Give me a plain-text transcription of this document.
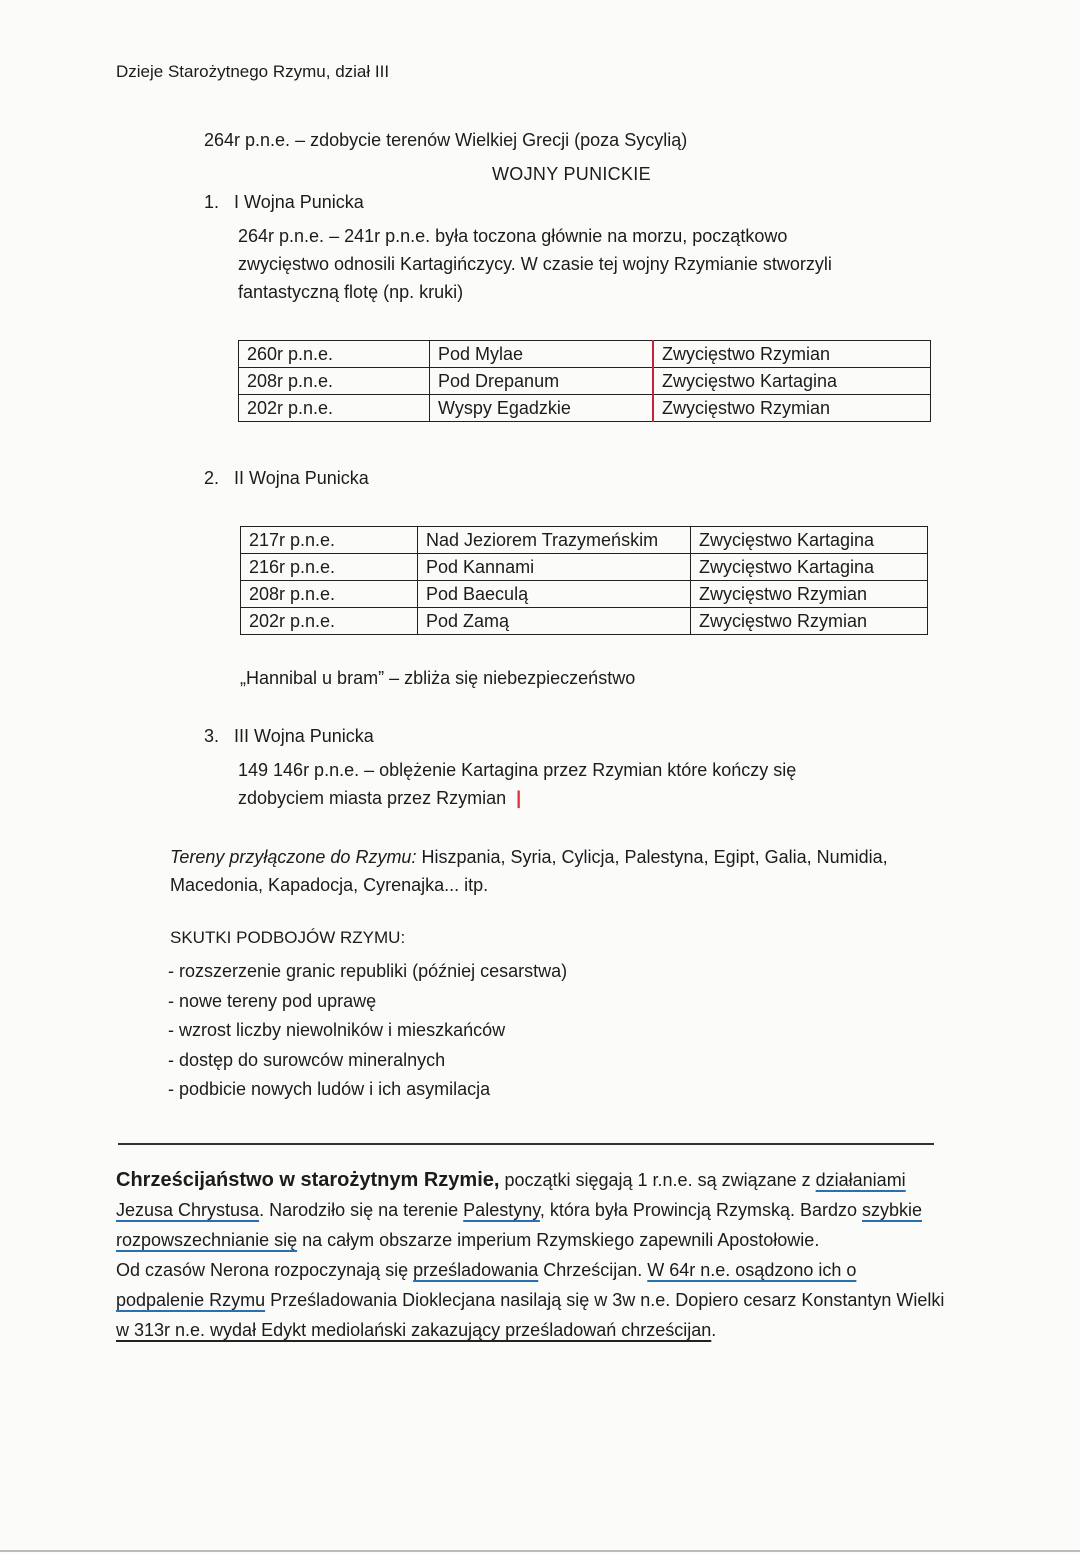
Dzieje Starożytnego Rzymu, dział III
264r p.n.e. – zdobycie terenów Wielkiej Grecji (poza Sycylią)
WOJNY PUNICKIE
1. I Wojna Punicka
264r p.n.e. – 241r p.n.e. była toczona głównie na morzu, początkowo
zwycięstwo odnosili Kartagińczycy. W czasie tej wojny Rzymianie stworzyli
fantastyczną flotę (np. kruki)
260r p.n.e.	Pod Mylae	Zwycięstwo Rzymian
208r p.n.e.	Pod Drepanum	Zwycięstwo Kartagina
202r p.n.e.	Wyspy Egadzkie	Zwycięstwo Rzymian
2. II Wojna Punicka
217r p.n.e.	Nad Jeziorem Trazymeńskim	Zwycięstwo Kartagina
216r p.n.e.	Pod Kannami	Zwycięstwo Kartagina
208r p.n.e.	Pod Baeculą	Zwycięstwo Rzymian
202r p.n.e.	Pod Zamą	Zwycięstwo Rzymian
„Hannibal u bram” – zbliża się niebezpieczeństwo
3. III Wojna Punicka
149 146r p.n.e. – oblężenie Kartagina przez Rzymian które kończy się
zdobyciem miasta przez Rzymian  |
Tereny przyłączone do Rzymu: Hiszpania, Syria, Cylicja, Palestyna, Egipt, Galia, Numidia,
Macedonia, Kapadocja, Cyrenajka... itp.
SKUTKI PODBOJÓW RZYMU:
- rozszerzenie granic republiki (później cesarstwa)
- nowe tereny pod uprawę
- wzrost liczby niewolników i mieszkańców
- dostęp do surowców mineralnych
- podbicie nowych ludów i ich asymilacja
Chrześcijaństwo w starożytnym Rzymie, początki sięgają 1 r.n.e. są związane z działaniami Jezusa Chrystusa. Narodziło się na terenie Palestyny, która była Prowincją Rzymską. Bardzo szybkie rozpowszechnianie się na całym obszarze imperium Rzymskiego zapewnili Apostołowie.
Od czasów Nerona rozpoczynają się prześladowania Chrześcijan. W 64r n.e. osądzono ich o podpalenie Rzymu Prześladowania Dioklecjana nasilają się w 3w n.e. Dopiero cesarz Konstantyn Wielki w 313r n.e. wydał Edykt mediolański zakazujący prześladowań chrześcijan.
